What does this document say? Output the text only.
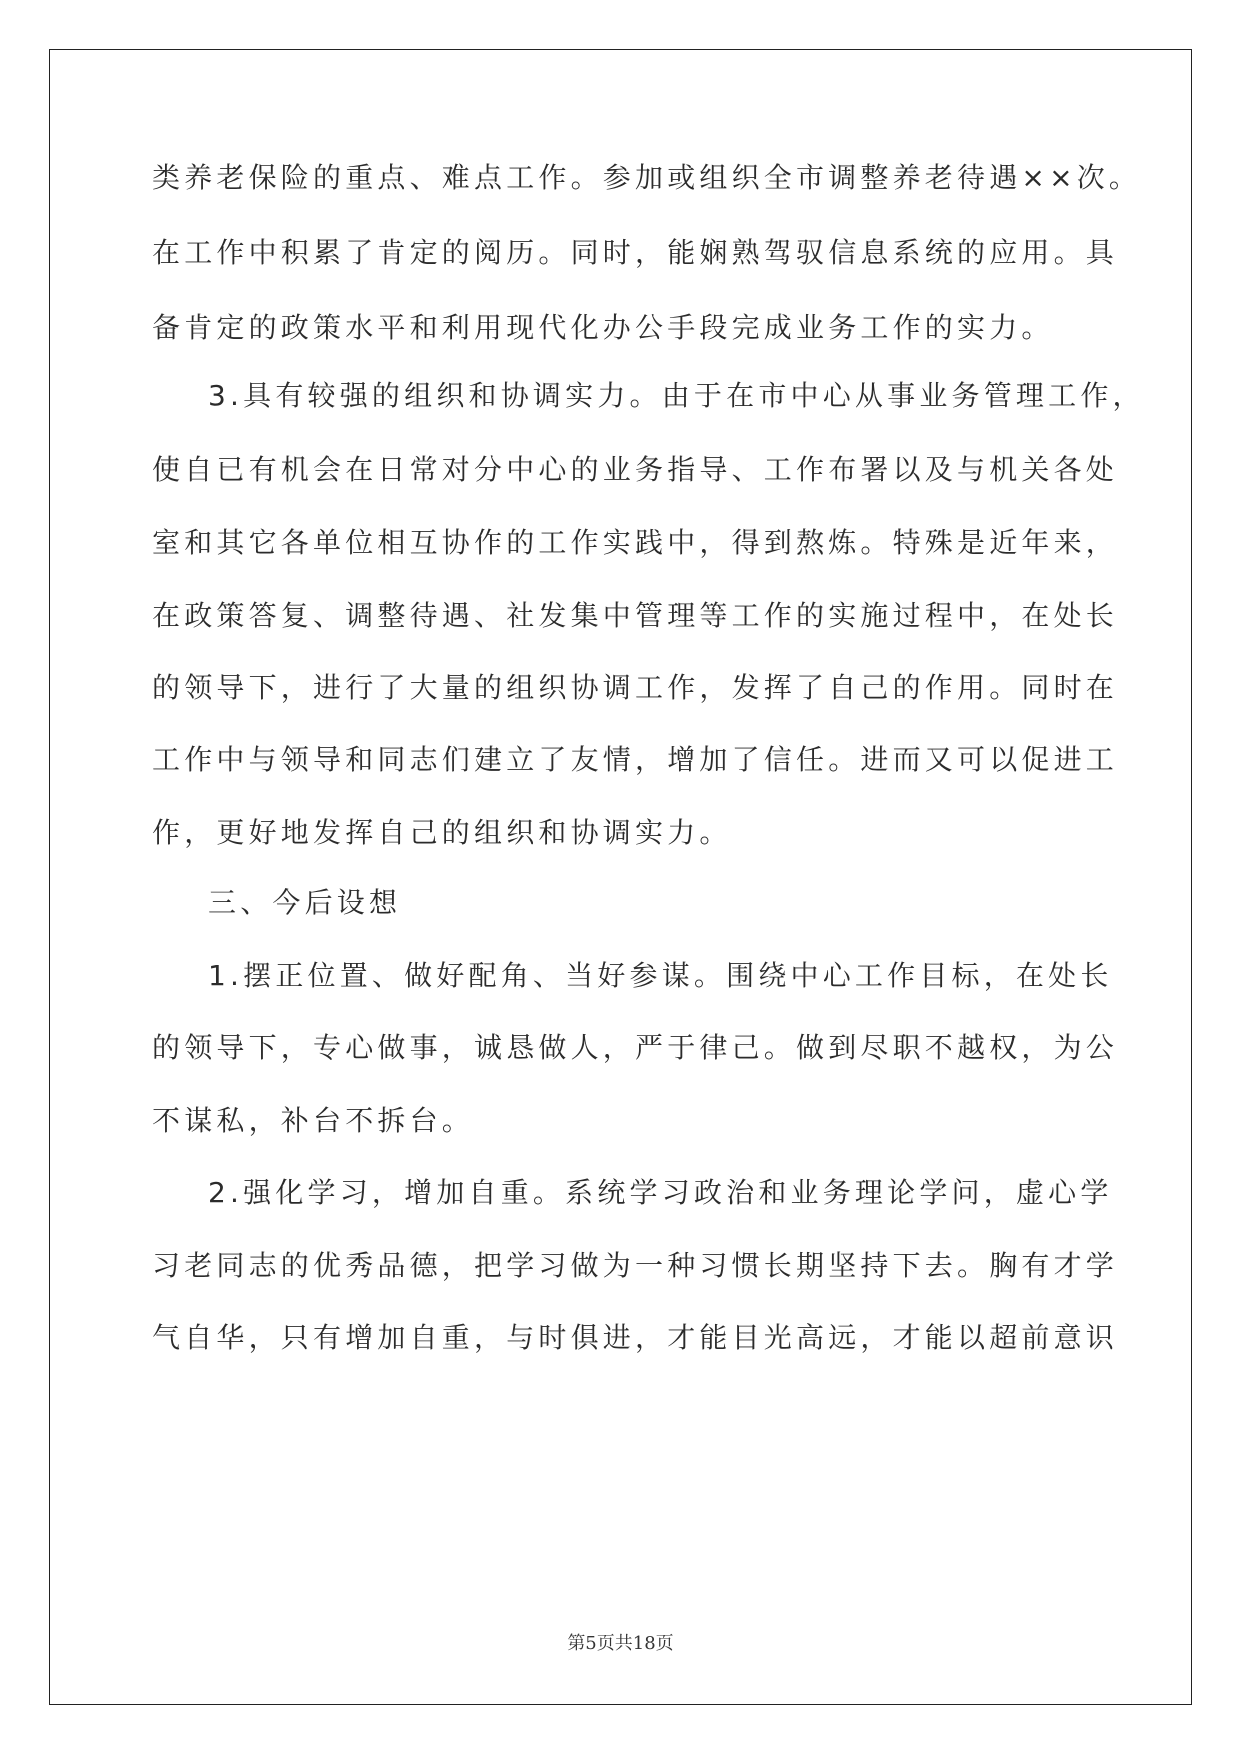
类养老保险的重点、难点工作。参加或组织全市调整养老待遇××次。
在工作中积累了肯定的阅历。同时，能娴熟驾驭信息系统的应用。具
备肯定的政策水平和利用现代化办公手段完成业务工作的实力。
3.具有较强的组织和协调实力。由于在市中心从事业务管理工作，
使自已有机会在日常对分中心的业务指导、工作布署以及与机关各处
室和其它各单位相互协作的工作实践中，得到熬炼。特殊是近年来，
在政策答复、调整待遇、社发集中管理等工作的实施过程中，在处长
的领导下，进行了大量的组织协调工作，发挥了自己的作用。同时在
工作中与领导和同志们建立了友情，增加了信任。进而又可以促进工
作，更好地发挥自己的组织和协调实力。
三、今后设想
1.摆正位置、做好配角、当好参谋。围绕中心工作目标，在处长
的领导下，专心做事，诚恳做人，严于律己。做到尽职不越权，为公
不谋私，补台不拆台。
2.强化学习，增加自重。系统学习政治和业务理论学问，虚心学
习老同志的优秀品德，把学习做为一种习惯长期坚持下去。胸有才学
气自华，只有增加自重，与时俱进，才能目光高远，才能以超前意识
第5页共18页
